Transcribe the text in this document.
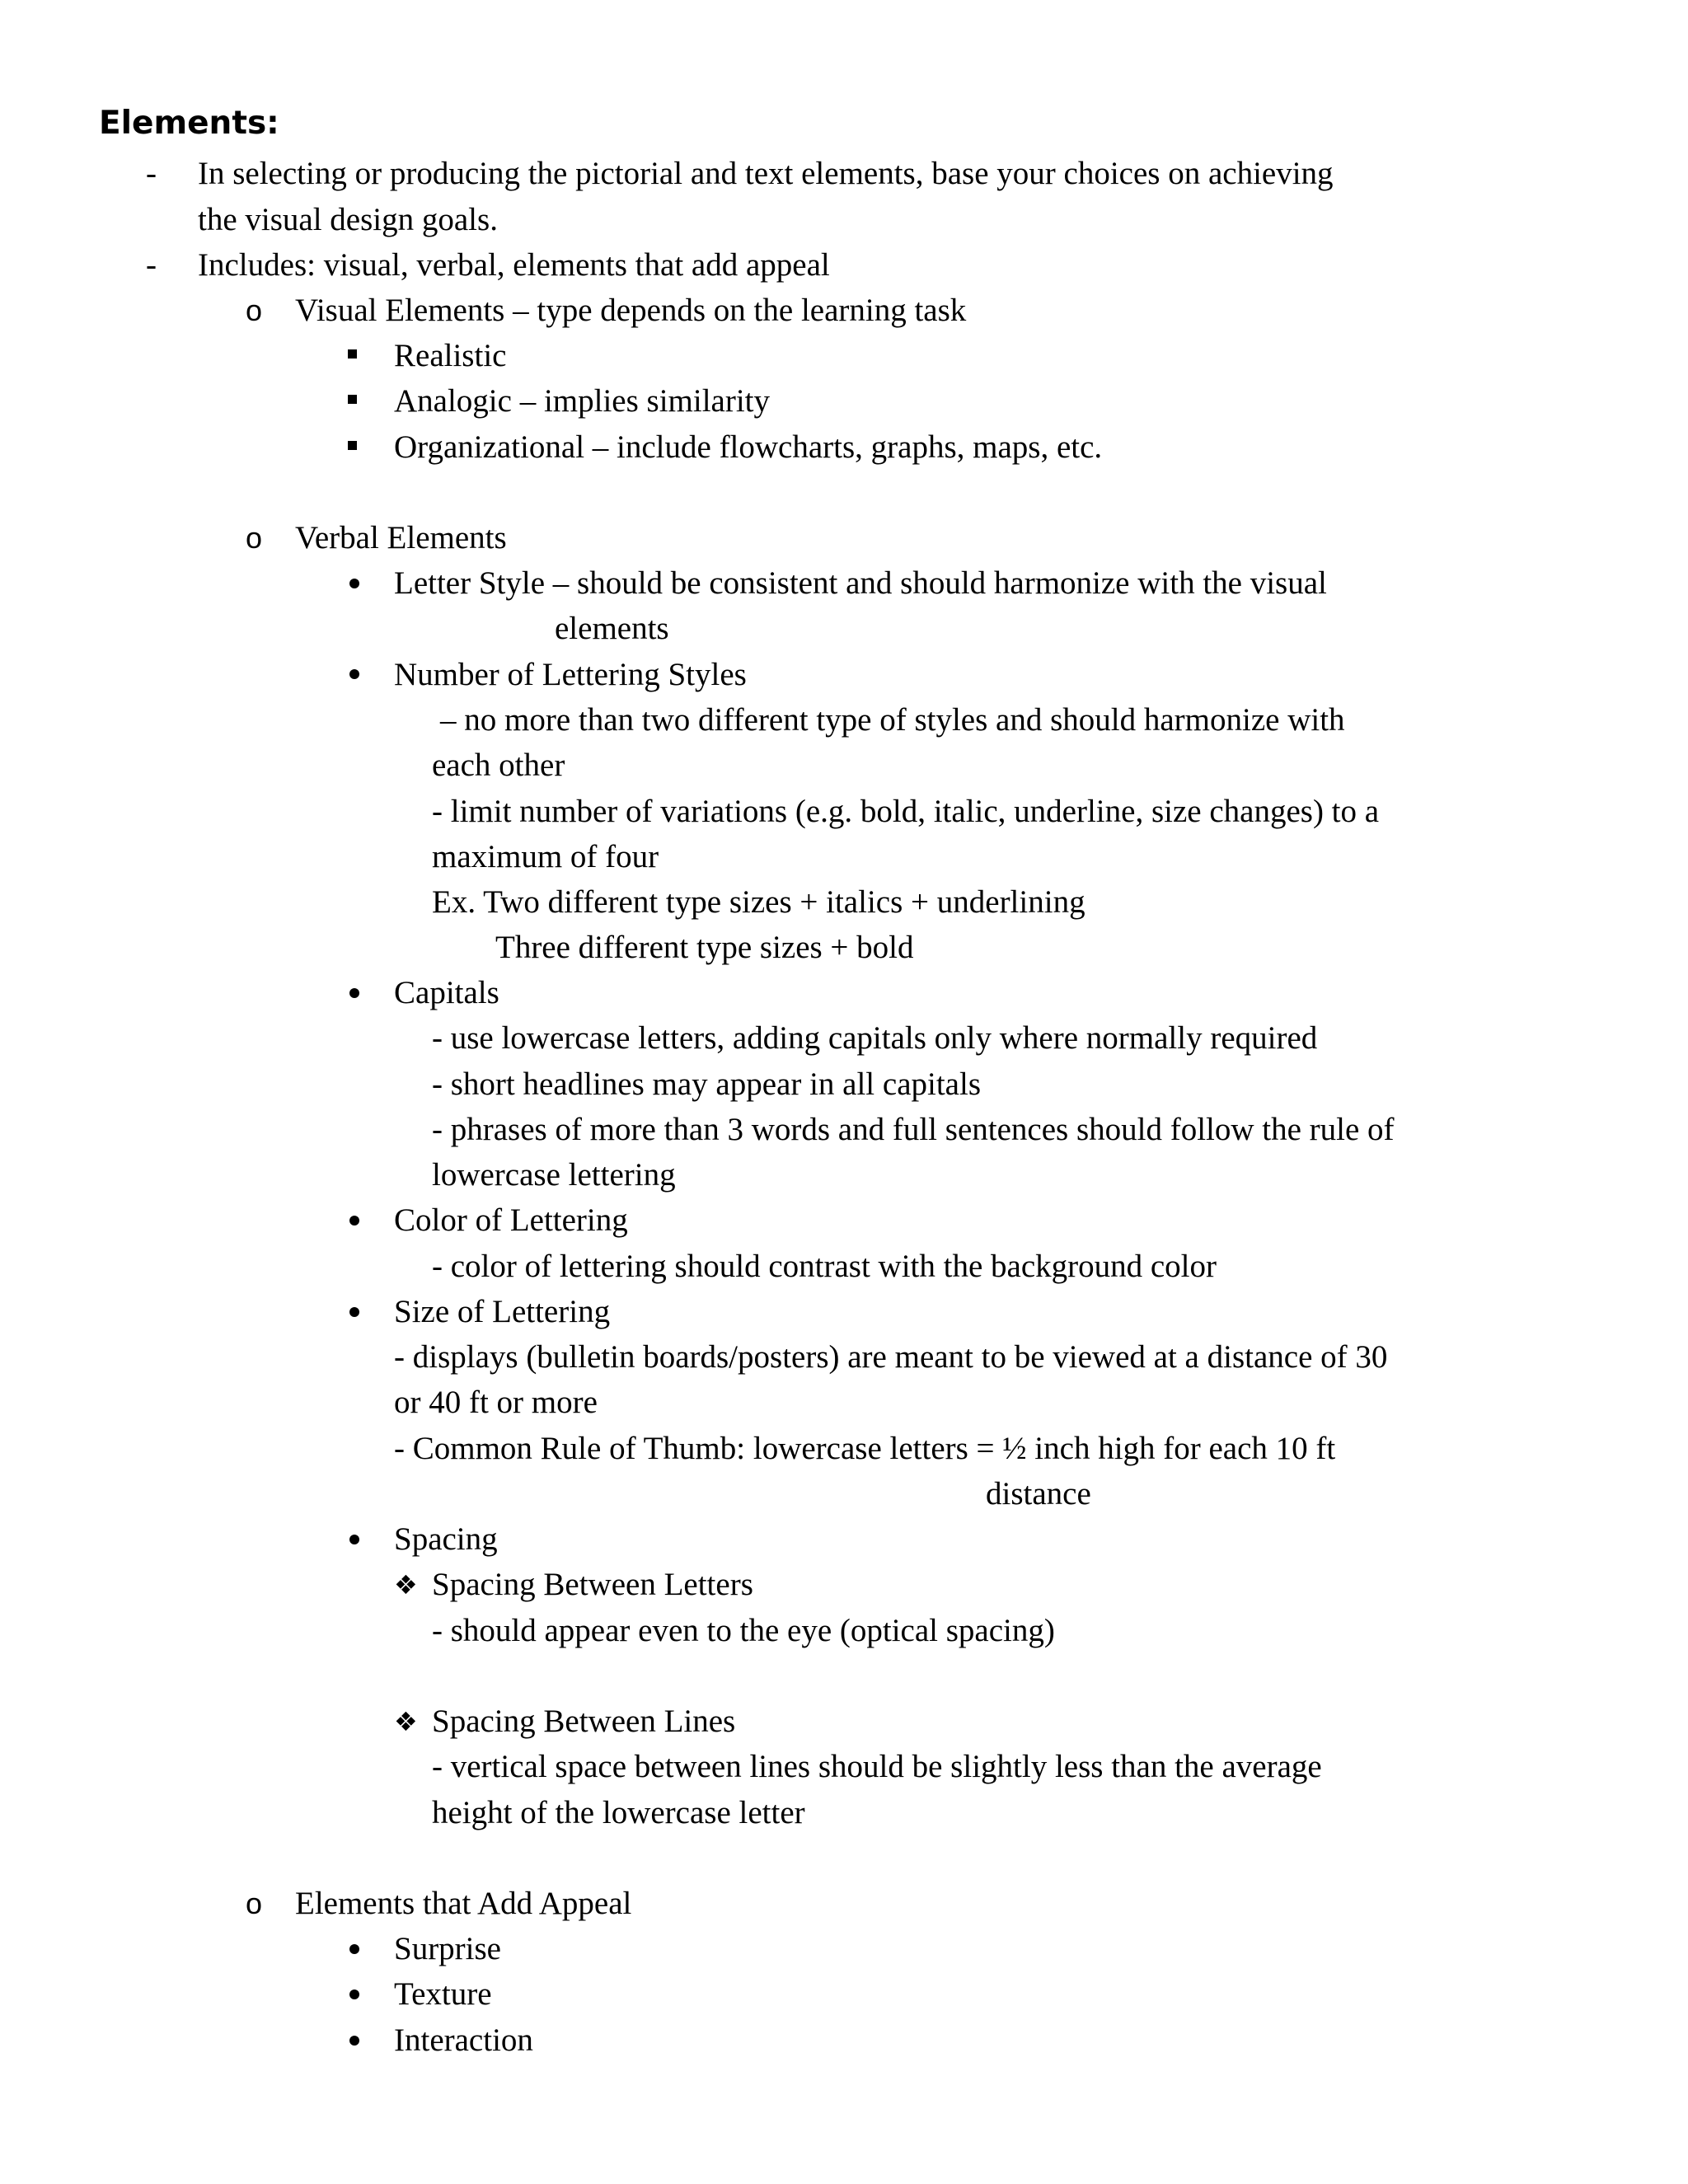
Elements:
- In selecting or producing the pictorial and text elements, base your choices on achieving
the visual design goals.
- Includes: visual, verbal, elements that add appeal
o Visual Elements – type depends on the learning task
Realistic
Analogic – implies similarity
Organizational – include flowcharts, graphs, maps, etc.
o Verbal Elements
Letter Style – should be consistent and should harmonize with the visual
elements
Number of Lettering Styles
– no more than two different type of styles and should harmonize with
each other
- limit number of variations (e.g. bold, italic, underline, size changes) to a
maximum of four
Ex. Two different type sizes + italics + underlining
Three different type sizes + bold
Capitals
- use lowercase letters, adding capitals only where normally required
- short headlines may appear in all capitals
- phrases of more than 3 words and full sentences should follow the rule of
lowercase lettering
Color of Lettering
- color of lettering should contrast with the background color
Size of Lettering
- displays (bulletin boards/posters) are meant to be viewed at a distance of 30
or 40 ft or more
- Common Rule of Thumb: lowercase letters = ½ inch high for each 10 ft
distance
Spacing
❖ Spacing Between Letters
- should appear even to the eye (optical spacing)
❖ Spacing Between Lines
- vertical space between lines should be slightly less than the average
height of the lowercase letter
o Elements that Add Appeal
Surprise
Texture
Interaction
